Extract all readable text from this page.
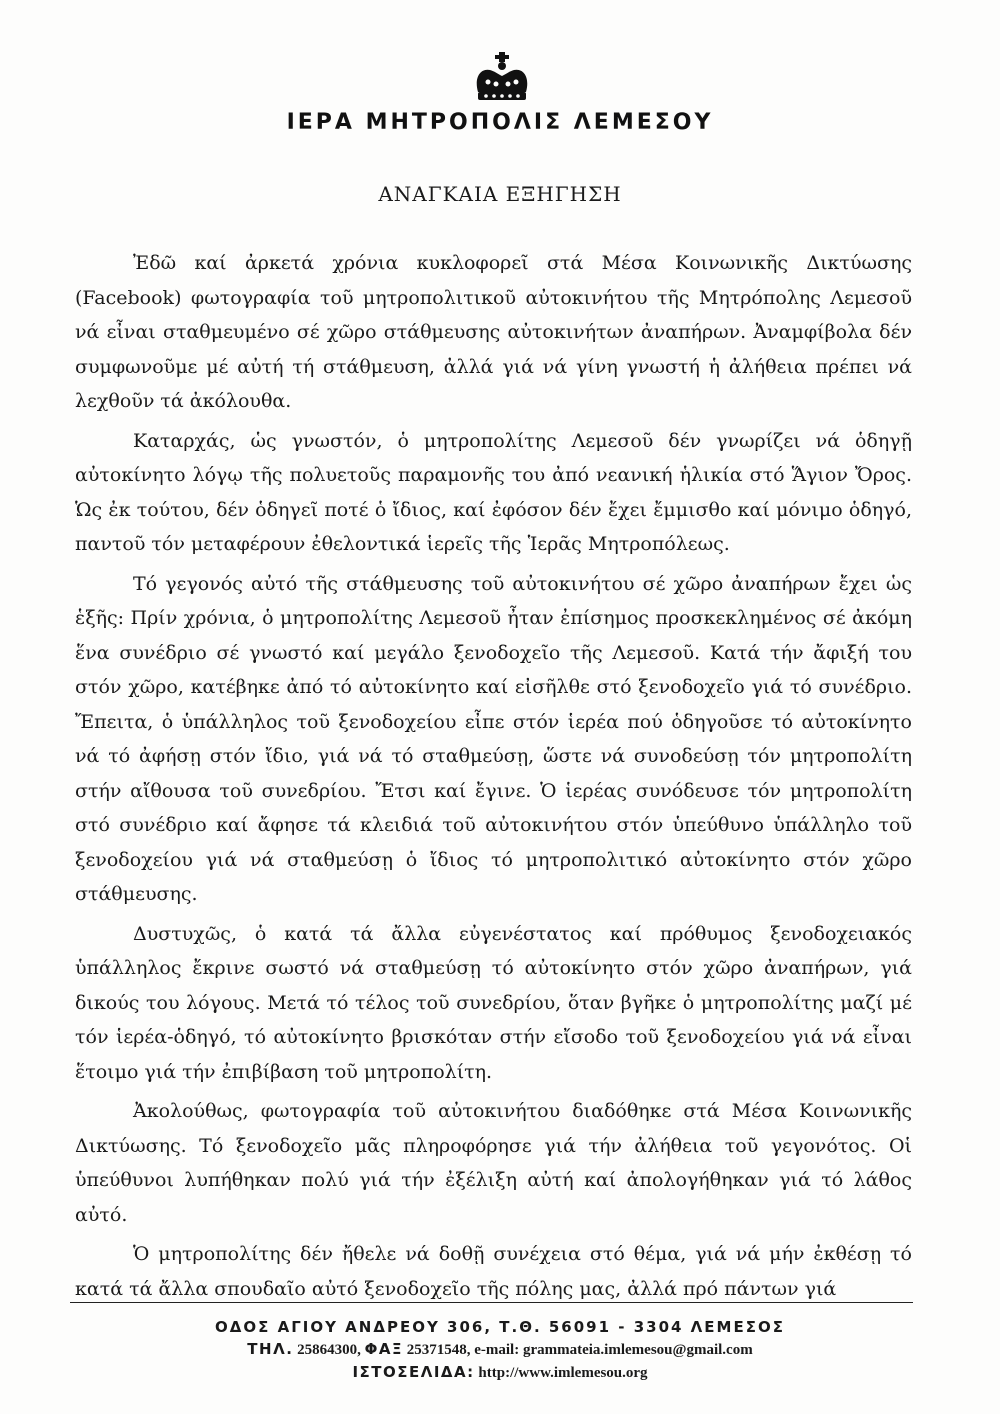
ΙΕΡΑ ΜΗΤΡΟΠΟΛΙΣ ΛΕΜΕΣΟΥ
ΑΝΑΓΚΑΙΑ ΕΞΗΓΗΣΗ

Ἐδῶ καί ἀρκετά χρόνια κυκλοφορεῖ στά Μέσα Κοινωνικῆς Δικτύωσης (Facebook) φωτογραφία τοῦ μητροπολιτικοῦ αὐτοκινήτου τῆς Μητρόπολης Λεμεσοῦ νά εἶναι σταθμευμένο σέ χῶρο στάθμευσης αὐτοκινήτων ἀναπήρων. Ἀναμφίβολα δέν συμφωνοῦμε μέ αὐτή τή στάθμευση, ἀλλά γιά νά γίνη γνωστή ἡ ἀλήθεια πρέπει νά λεχθοῦν τά ἀκόλουθα.

Καταρχάς, ὡς γνωστόν, ὁ μητροπολίτης Λεμεσοῦ δέν γνωρίζει νά ὁδηγῇ αὐτοκίνητο λόγῳ τῆς πολυετοῦς παραμονῆς του ἀπό νεανική ἡλικία στό Ἅγιον Ὄρος. Ὡς ἐκ τούτου, δέν ὁδηγεῖ ποτέ ὁ ἴδιος, καί ἐφόσον δέν ἔχει ἔμμισθο καί μόνιμο ὁδηγό, παντοῦ τόν μεταφέρουν ἐθελοντικά ἱερεῖς τῆς Ἱερᾶς Μητροπόλεως.

Τό γεγονός αὐτό τῆς στάθμευσης τοῦ αὐτοκινήτου σέ χῶρο ἀναπήρων ἔχει ὡς ἑξῆς: Πρίν χρόνια, ὁ μητροπολίτης Λεμεσοῦ ἦταν ἐπίσημος προσκεκλημένος σέ ἀκόμη ἕνα συνέδριο σέ γνωστό καί μεγάλο ξενοδοχεῖο τῆς Λεμεσοῦ. Κατά τήν ἄφιξή του στόν χῶρο, κατέβηκε ἀπό τό αὐτοκίνητο καί εἰσῆλθε στό ξενοδοχεῖο γιά τό συνέδριο. Ἔπειτα, ὁ ὑπάλληλος τοῦ ξενοδοχείου εἶπε στόν ἱερέα πού ὁδηγοῦσε τό αὐτοκίνητο νά τό ἀφήσῃ στόν ἴδιο, γιά νά τό σταθμεύσῃ, ὥστε νά συνοδεύσῃ τόν μητροπολίτη στήν αἴθουσα τοῦ συνεδρίου. Ἔτσι καί ἔγινε. Ὁ ἱερέας συνόδευσε τόν μητροπολίτη στό συνέδριο καί ἄφησε τά κλειδιά τοῦ αὐτοκινήτου στόν ὑπεύθυνο ὑπάλληλο τοῦ ξενοδοχείου γιά νά σταθμεύσῃ ὁ ἴδιος τό μητροπολιτικό αὐτοκίνητο στόν χῶρο στάθμευσης.

Δυστυχῶς, ὁ κατά τά ἄλλα εὐγενέστατος καί πρόθυμος ξενοδοχειακός ὑπάλληλος ἔκρινε σωστό νά σταθμεύσῃ τό αὐτοκίνητο στόν χῶρο ἀναπήρων, γιά δικούς του λόγους. Μετά τό τέλος τοῦ συνεδρίου, ὅταν βγῆκε ὁ μητροπολίτης μαζί μέ τόν ἱερέα-ὁδηγό, τό αὐτοκίνητο βρισκόταν στήν εἴσοδο τοῦ ξενοδοχείου γιά νά εἶναι ἕτοιμο γιά τήν ἐπιβίβαση τοῦ μητροπολίτη.

Ἀκολούθως, φωτογραφία τοῦ αὐτοκινήτου διαδόθηκε στά Μέσα Κοινωνικῆς Δικτύωσης. Τό ξενοδοχεῖο μᾶς πληροφόρησε γιά τήν ἀλήθεια τοῦ γεγονότος. Οἱ ὑπεύθυνοι λυπήθηκαν πολύ γιά τήν ἐξέλιξη αὐτή καί ἀπολογήθηκαν γιά τό λάθος αὐτό.

Ὁ μητροπολίτης δέν ἤθελε νά δοθῇ συνέχεια στό θέμα, γιά νά μήν ἐκθέσῃ τό κατά τά ἄλλα σπουδαῖο αὐτό ξενοδοχεῖο τῆς πόλης μας, ἀλλά πρό πάντων γιά

ΟΔΟΣ ΑΓΙΟΥ ΑΝΔΡΕΟΥ 306, Τ.Θ. 56091 - 3304 ΛΕΜΕΣΟΣ
ΤΗΛ. 25864300, ΦΑΞ 25371548, e-mail: grammateia.imlemesou@gmail.com
ΙΣΤΟΣΕΛΙΔΑ: http://www.imlemesou.org
